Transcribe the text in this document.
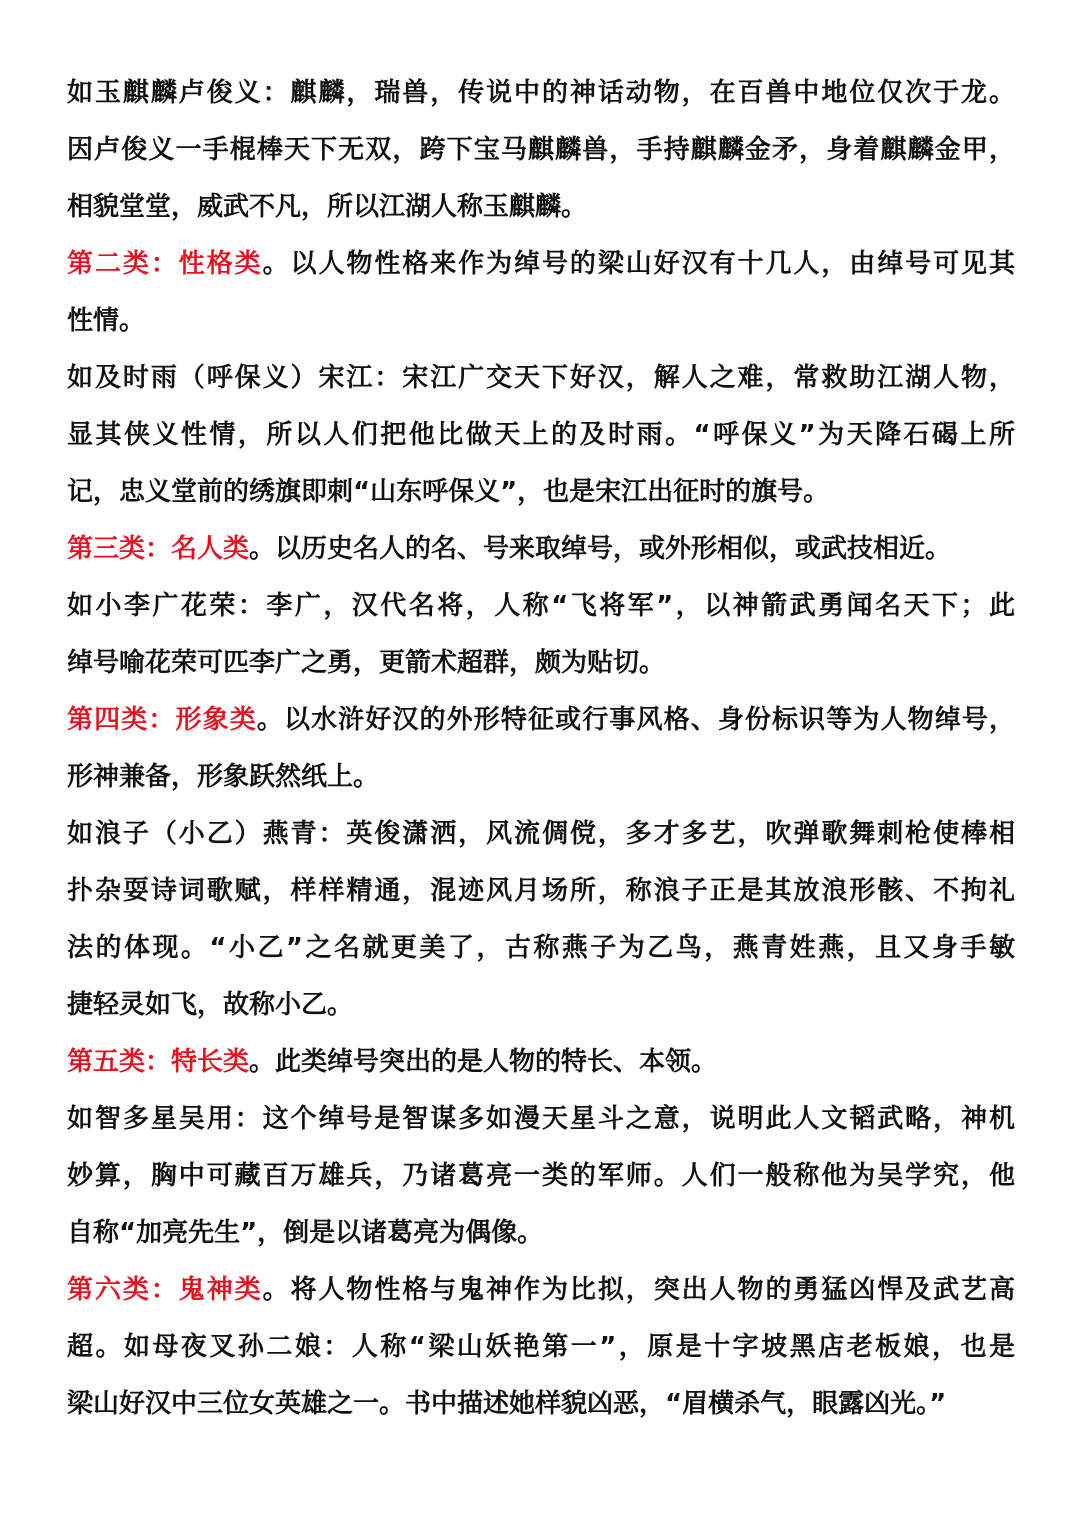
如玉麒麟卢俊义：麒麟，瑞兽，传说中的神话动物，在百兽中地位仅次于龙。
因卢俊义一手棍棒天下无双，跨下宝马麒麟兽，手持麒麟金矛，身着麒麟金甲，
相貌堂堂，威武不凡，所以江湖人称玉麒麟。
第二类：性格类。以人物性格来作为绰号的梁山好汉有十几人，由绰号可见其
性情。
如及时雨（呼保义）宋江：宋江广交天下好汉，解人之难，常救助江湖人物，
显其侠义性情，所以人们把他比做天上的及时雨。“呼保义”为天降石碣上所
记，忠义堂前的绣旗即刺“山东呼保义”，也是宋江出征时的旗号。
第三类：名人类。以历史名人的名、号来取绰号，或外形相似，或武技相近。
如小李广花荣：李广，汉代名将，人称“飞将军”，以神箭武勇闻名天下；此
绰号喻花荣可匹李广之勇，更箭术超群，颇为贴切。
第四类：形象类。以水浒好汉的外形特征或行事风格、身份标识等为人物绰号，
形神兼备，形象跃然纸上。
如浪子（小乙）燕青：英俊潇洒，风流倜傥，多才多艺，吹弹歌舞刺枪使棒相
扑杂耍诗词歌赋，样样精通，混迹风月场所，称浪子正是其放浪形骸、不拘礼
法的体现。“小乙”之名就更美了，古称燕子为乙鸟，燕青姓燕，且又身手敏
捷轻灵如飞，故称小乙。
第五类：特长类。此类绰号突出的是人物的特长、本领。
如智多星吴用：这个绰号是智谋多如漫天星斗之意，说明此人文韬武略，神机
妙算，胸中可藏百万雄兵，乃诸葛亮一类的军师。人们一般称他为吴学究，他
自称“加亮先生”，倒是以诸葛亮为偶像。
第六类：鬼神类。将人物性格与鬼神作为比拟，突出人物的勇猛凶悍及武艺高
超。如母夜叉孙二娘：人称“梁山妖艳第一”，原是十字坡黑店老板娘，也是
梁山好汉中三位女英雄之一。书中描述她样貌凶恶，“眉横杀气，眼露凶光。”
